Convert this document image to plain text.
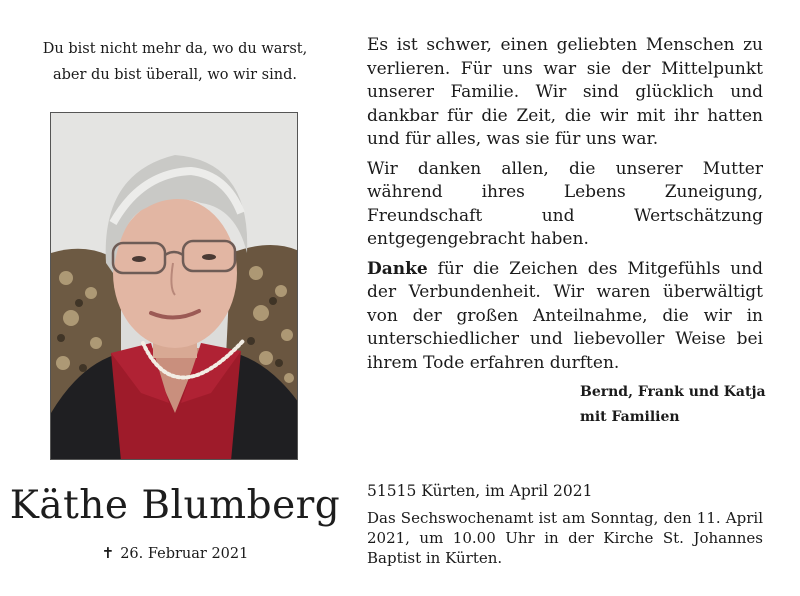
Du bist nicht mehr da, wo du warst,
aber du bist überall, wo wir sind.
Käthe Blumberg
✝ 26. Februar 2021

Es ist schwer, einen geliebten Menschen zu verlieren. Für uns war sie der Mittelpunkt unserer Familie. Wir sind glücklich und dankbar für die Zeit, die wir mit ihr hatten und für alles, was sie für uns war.

Wir danken allen, die unserer Mutter während ihres Lebens Zuneigung, Freundschaft und Wertschätzung entgegengebracht haben.

Danke für die Zeichen des Mitgefühls und der Verbundenheit. Wir waren überwältigt von der großen Anteilnahme, die wir in unterschiedlicher und liebevoller Weise bei ihrem Tode erfahren durften.

Bernd, Frank und Katja
mit Familien
51515 Kürten, im April 2021
Das Sechswochenamt ist am Sonntag, den 11. April 2021, um 10.00 Uhr in der Kirche St. Johannes Baptist in Kürten.
